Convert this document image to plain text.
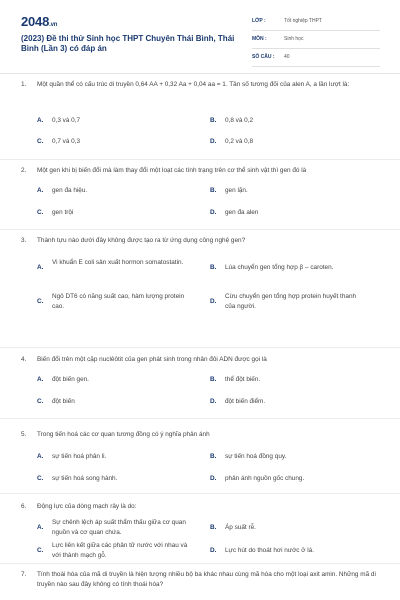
2048.vn
(2023) Đề thi thử Sinh học THPT Chuyên Thái Bình, Thái Bình (Lần 3) có đáp án
LỚP :	Tốt nghiệp THPT
MÔN :	Sinh học
SỐ CÂU : 40
1.	Một quần thể có cấu trúc di truyền 0,64 AA + 0,32 Aa + 0,04 aa = 1. Tần số tương đối của alen A, a lần lượt là:
A. 0,3 và 0,7	B. 0,8 và 0,2
C. 0,7 và 0,3	D. 0,2 và 0,8
2.	Một gen khi bị biến đổi mà làm thay đổi một loạt các tính trạng trên cơ thể sinh vật thì gen đó là
A. gen đa hiệu.	B. gen lặn.
C. gen trội	D. gen đa alen
3.	Thành tựu nào dưới đây không được tạo ra từ ứng dụng công nghệ gen?
A.
Vi khuẩn E coli sản xuất hormon somatostatin.
B. Lúa chuyển gen tổng hợp β – caroten.
C.
Ngô DT6 có năng suất cao, hàm lượng protein cao.
D.
Cừu chuyển gen tổng hợp protein huyết thanh của người.
4.	Biến đổi trên một cặp nuclêôtit của gen phát sinh trong nhân đôi ADN được gọi là
A. đột biến gen.	B. thể đột biến.
C. đột biến	D. đột biến điểm.
5.	Trong tiến hoá các cơ quan tương đồng có ý nghĩa phản ánh
A. sự tiến hoá phân li.	B. sự tiến hoá đồng quy.
C. sự tiến hoá song hành.	D. phản ánh nguồn gốc chung.
6.	Động lực của dòng mạch rây là do:
A.
Sự chênh lệch áp suất thẩm thấu giữa cơ quan nguồn và cơ quan chứa.
B. Áp suất rễ.
C.
Lực liên kết giữa các phân tử nước với nhau và với thành mạch gỗ.
D. Lực hút do thoát hơi nước ở lá.
7.	Tính thoái hóa của mã di truyền là hiện tượng nhiều bộ ba khác nhau cùng mã hóa cho một loại axit amin. Những mã di truyền nào sau đây không có tính thoái hóa?
